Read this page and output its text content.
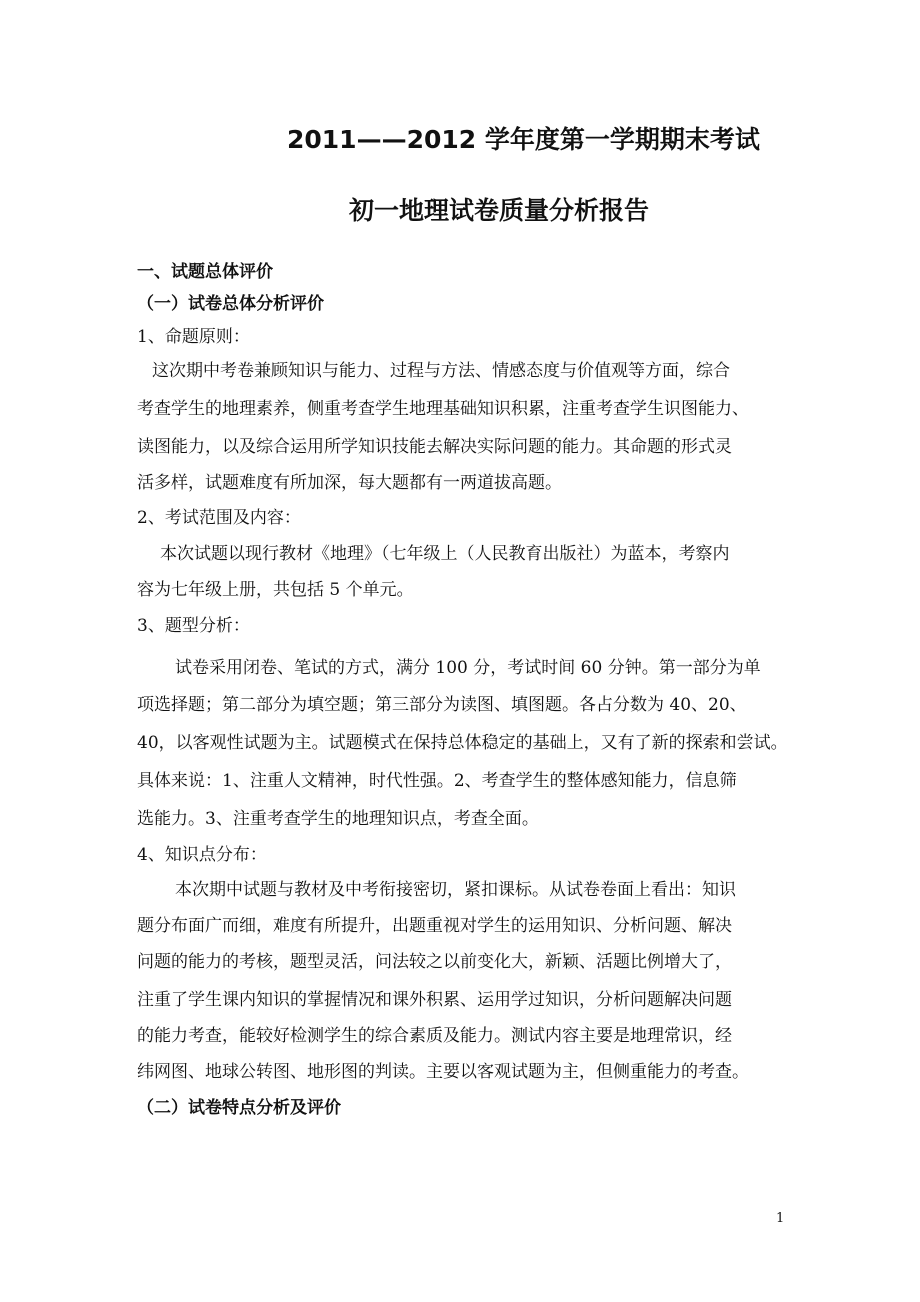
2011——2012 学年度第一学期期末考试
初一地理试卷质量分析报告
一、试题总体评价
（一）试卷总体分析评价
1、命题原则：
这次期中考卷兼顾知识与能力、过程与方法、情感态度与价值观等方面，综合
考查学生的地理素养，侧重考查学生地理基础知识积累，注重考查学生识图能力、
读图能力，以及综合运用所学知识技能去解决实际问题的能力。其命题的形式灵
活多样，试题难度有所加深，每大题都有一两道拔高题。
2、考试范围及内容：
本次试题以现行教材《地理》（七年级上（人民教育出版社）为蓝本，考察内
容为七年级上册，共包括 5 个单元。
3、题型分析：
试卷采用闭卷、笔试的方式，满分 100 分，考试时间 60 分钟。第一部分为单
项选择题；第二部分为填空题；第三部分为读图、填图题。各占分数为 40、20、
40，以客观性试题为主。试题模式在保持总体稳定的基础上，又有了新的探索和尝试。
具体来说：1、注重人文精神，时代性强。2、考查学生的整体感知能力，信息筛
选能力。3、注重考查学生的地理知识点，考查全面。
4、知识点分布：
本次期中试题与教材及中考衔接密切，紧扣课标。从试卷卷面上看出：知识
题分布面广而细，难度有所提升，出题重视对学生的运用知识、分析问题、解决
问题的能力的考核，题型灵活，问法较之以前变化大，新颖、活题比例增大了，
注重了学生课内知识的掌握情况和课外积累、运用学过知识，分析问题解决问题
的能力考查，能较好检测学生的综合素质及能力。测试内容主要是地理常识，经
纬网图、地球公转图、地形图的判读。主要以客观试题为主，但侧重能力的考查。
（二）试卷特点分析及评价
1
